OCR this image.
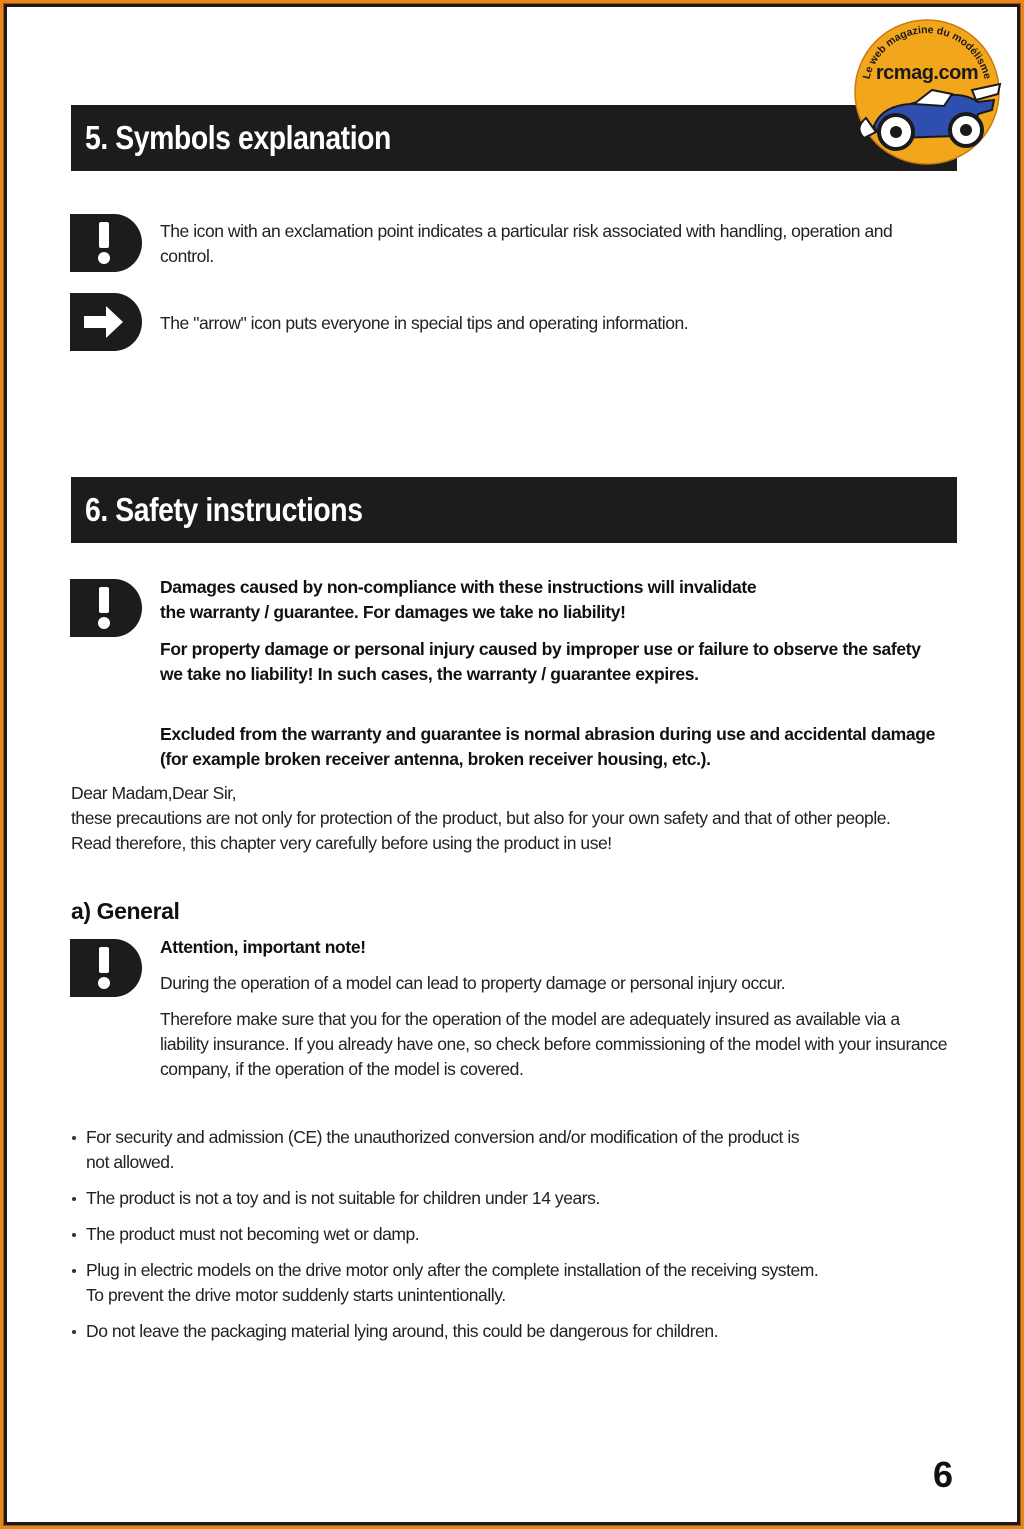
5. Symbols explanation

The icon with an exclamation point indicates a particular risk associated with handling, operation and

control.

The "arrow" icon puts everyone in special tips and operating information.

6. Safety instructions

Damages caused by non-compliance with these instructions will invalidate

the warranty / guarantee. For damages we take no liability!

For property damage or personal injury caused by improper use or failure to observe the safety

we take no liability! In such cases, the warranty / guarantee expires.

Excluded from the warranty and guarantee is normal abrasion during use and accidental damage

(for example broken receiver antenna, broken receiver housing, etc.).

Dear Madam,Dear Sir,

these precautions are not only for protection of the product, but also for your own safety and that of other people.

Read therefore, this chapter very carefully before using the product in use!

a) General
Attention, important note!

During the operation of a model can lead to property damage or personal injury occur.

Therefore make sure that you for the operation of the model are adequately insured as available via a

liability insurance. If you already have one, so check before commissioning of the model with your insurance

company, if the operation of the model is covered.

For security and admission (CE) the unauthorized conversion and/or modification of the product is
not allowed.
The product is not a toy and is not suitable for children under 14 years.
The product must not becoming wet or damp.
Plug in electric models on the drive motor only after the complete installation of the receiving system.
To prevent the drive motor suddenly starts unintentionally.
Do not leave the packaging material lying around, this could be dangerous for children.
6
Le web magazine du modélisme
rcmag.com
